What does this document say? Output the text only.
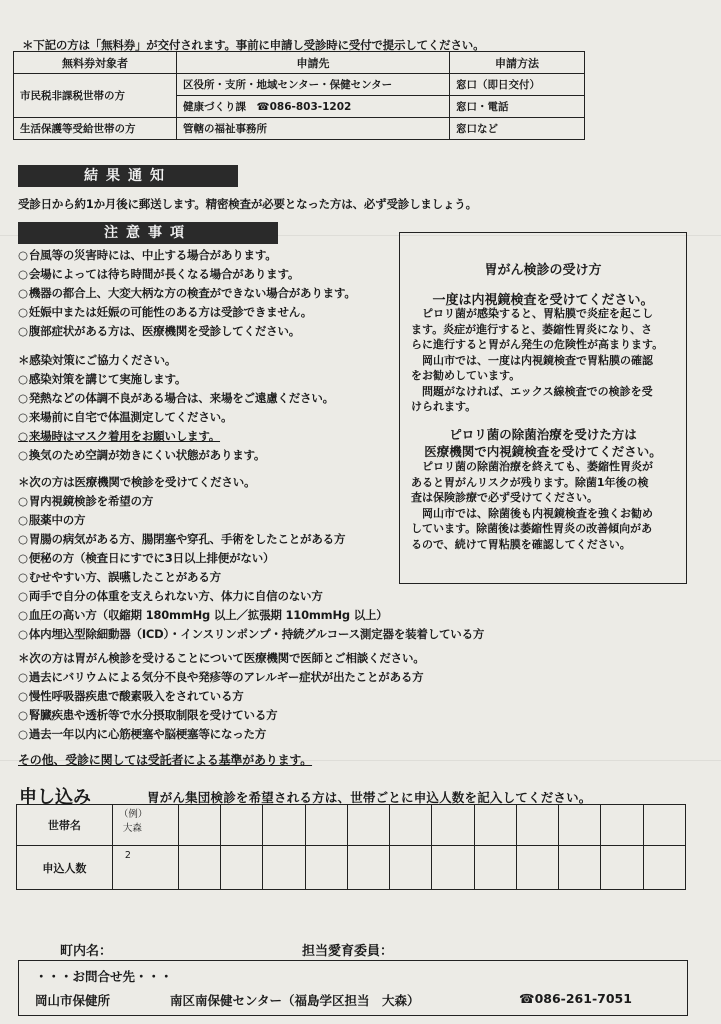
＊下記の方は「無料券」が交付されます。事前に申請し受診時に受付で提示してください。
無料券対象者	申請先	申請方法
市民税非課税世帯の方	区役所・支所・地域センター・保健センター	窓口（即日交付）
	健康づくり課　☎086-803-1202	窓口・電話
生活保護等受給世帯の方	管轄の福祉事務所	窓口など
結果通知
受診日から約1か月後に郵送します。精密検査が必要となった方は、必ず受診しましょう。
注意事項
○ 台風等の災害時には、中止する場合があります。
○ 会場によっては待ち時間が長くなる場合があります。
○ 機器の都合上、大変大柄な方の検査ができない場合があります。
○ 妊娠中または妊娠の可能性のある方は受診できません。
○ 腹部症状がある方は、医療機関を受診してください。
＊感染対策にご協力ください。
○ 感染対策を講じて実施します。
○ 発熱などの体調不良がある場合は、来場をご遠慮ください。
○ 来場前に自宅で体温測定してください。
○ 来場時はマスク着用をお願いします。
○ 換気のため空調が効きにくい状態があります。
＊次の方は医療機関で検診を受けてください。
○ 胃内視鏡検診を希望の方
○ 服薬中の方
○ 胃腸の病気がある方、腸閉塞や穿孔、手術をしたことがある方
○ 便秘の方（検査日にすでに3日以上排便がない）
○ むせやすい方、誤嚥したことがある方
○ 両手で自分の体重を支えられない方、体力に自信のない方
○ 血圧の高い方（収縮期 180mmHg 以上／拡張期 110mmHg 以上）
○ 体内埋込型除細動器（ICD）・インスリンポンプ・持続グルコース測定器を装着している方
＊次の方は胃がん検診を受けることについて医療機関で医師とご相談ください。
○ 過去にバリウムによる気分不良や発疹等のアレルギー症状が出たことがある方
○ 慢性呼吸器疾患で酸素吸入をされている方
○ 腎臓疾患や透析等で水分摂取制限を受けている方
○ 過去一年以内に心筋梗塞や脳梗塞等になった方
その他、受診に関しては受託者による基準があります。
胃がん検診の受け方
一度は内視鏡検査を受けてください。
ピロリ菌が感染すると、胃粘膜で炎症を起こし
ます。炎症が進行すると、萎縮性胃炎になり、さ
らに進行すると胃がん発生の危険性が高まります。
岡山市では、一度は内視鏡検査で胃粘膜の確認
をお勧めしています。
問題がなければ、エックス線検査での検診を受
けられます。
ピロリ菌の除菌治療を受けた方は
医療機関で内視鏡検査を受けてください。
ピロリ菌の除菌治療を終えても、萎縮性胃炎が
あると胃がんリスクが残ります。除菌1年後の検
査は保険診療で必ず受けてください。
岡山市では、除菌後も内視鏡検査を強くお勧め
しています。除菌後は萎縮性胃炎の改善傾向があ
るので、続けて胃粘膜を確認してください。
申し込み	胃がん集団検診を希望される方は、世帯ごとに申込人数を記入してください。
世帯名	（例）
大森												

申込人数	2												
町内名：	担当愛育委員：
・・・お問合せ先・・・
岡山市保健所	南区南保健センター（福島学区担当　大森）	☎086-261-7051
